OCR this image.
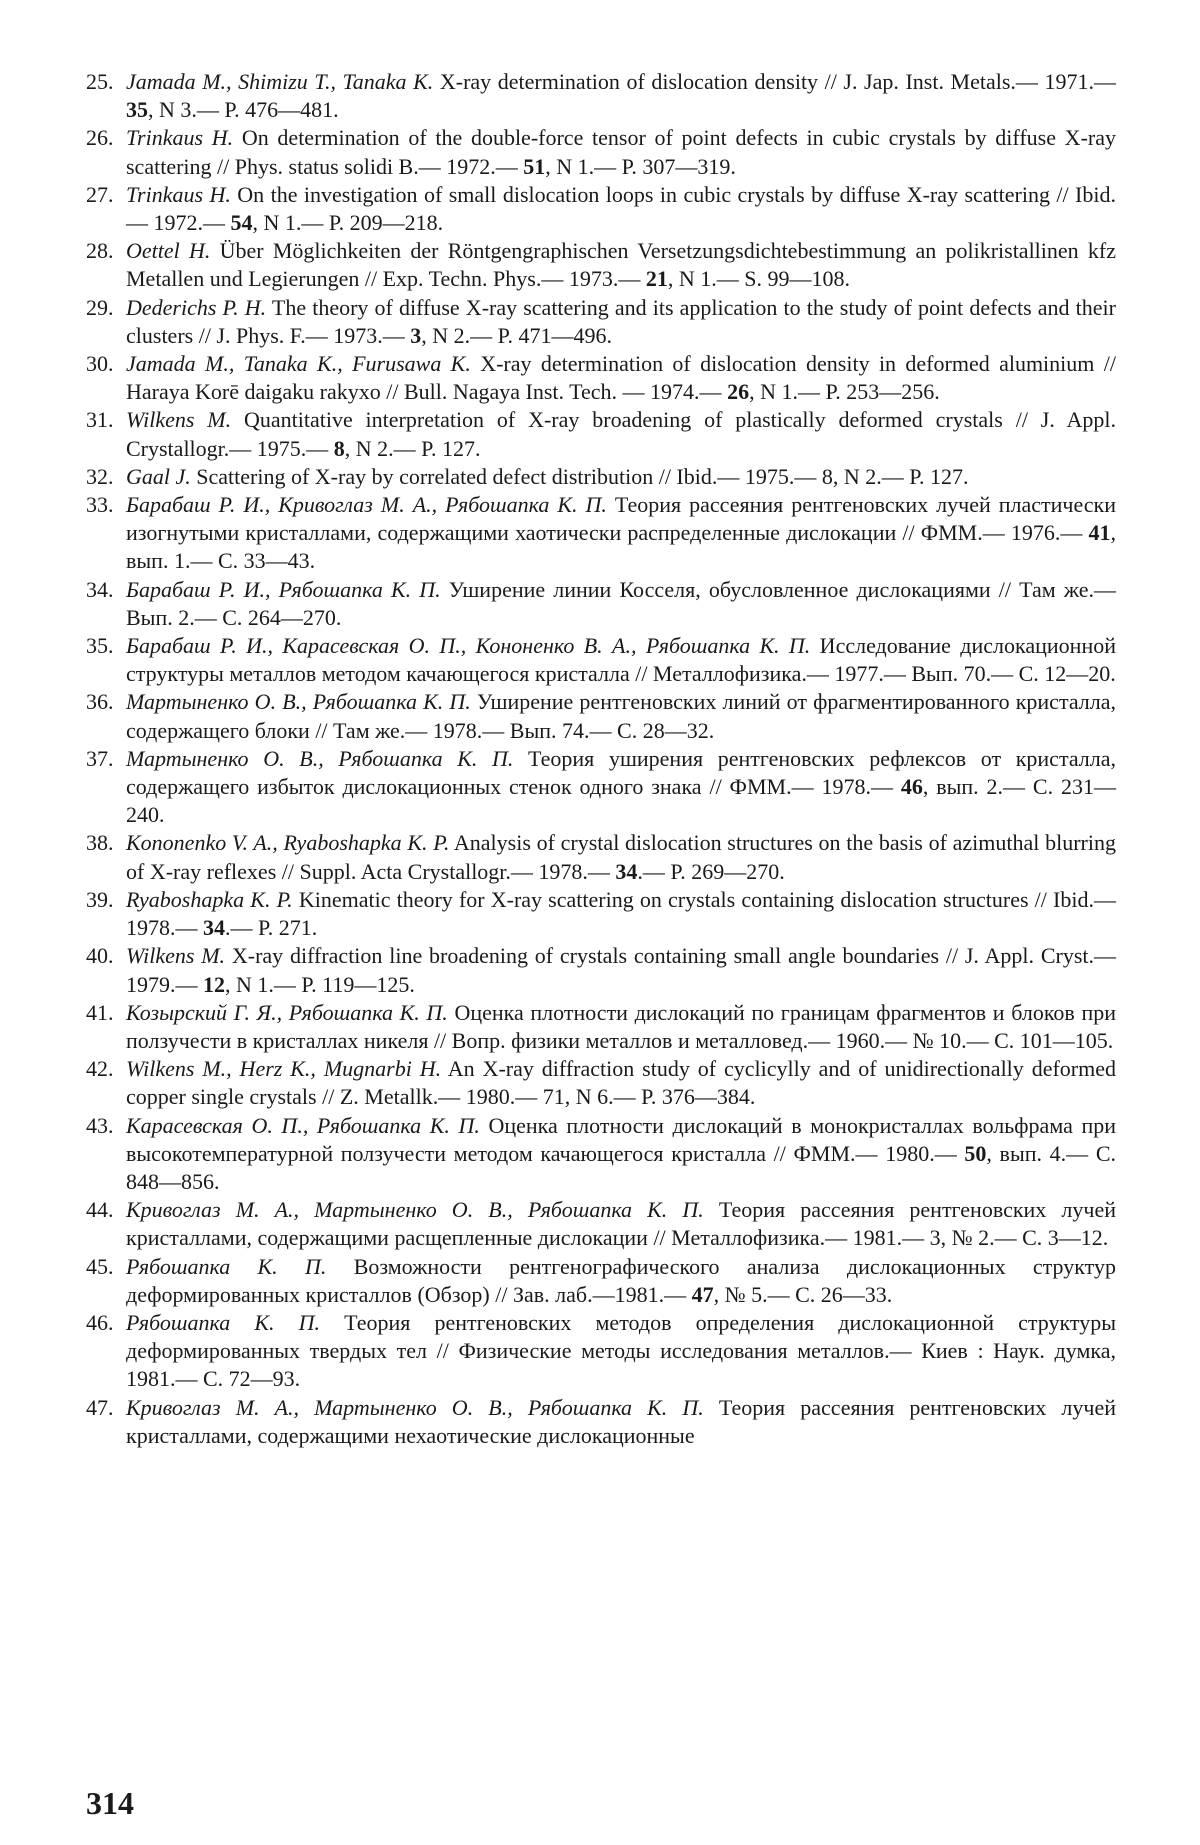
25. Jamada M., Shimizu T., Tanaka K. X-ray determination of dislocation density // J. Jap. Inst. Metals.— 1971.— 35, N 3.— P. 476—481.
26. Trinkaus H. On determination of the double-force tensor of point defects in cubic crystals by diffuse X-ray scattering // Phys. status solidi B.— 1972.— 51, N 1.— P. 307—319.
27. Trinkaus H. On the investigation of small dislocation loops in cubic crystals by diffuse X-ray scattering // Ibid.— 1972.— 54, N 1.— P. 209—218.
28. Oettel H. Über Möglichkeiten der Röntgengraphischen Versetzungsdichtebestimmung an polikristallinen kfz Metallen und Legierungen // Exp. Techn. Phys.— 1973.— 21, N 1.— S. 99—108.
29. Dederichs P. H. The theory of diffuse X-ray scattering and its application to the study of point defects and their clusters // J. Phys. F.— 1973.— 3, N 2.— P. 471—496.
30. Jamada M., Tanaka K., Furusawa K. X-ray determination of dislocation density in deformed aluminium // Haraya Korē daigaku rakyxo // Bull. Nagaya Inst. Tech. — 1974.— 26, N 1.— P. 253—256.
31. Wilkens M. Quantitative interpretation of X-ray broadening of plastically deformed crystals // J. Appl. Crystallogr.— 1975.— 8, N 2.— P. 127.
32. Gaal J. Scattering of X-ray by correlated defect distribution // Ibid.— 1975.— 8, N 2.— P. 127.
33. Барабаш Р. И., Кривоглаз М. А., Рябошапка К. П. Теория рассеяния рентгеновских лучей пластически изогнутыми кристаллами, содержащими хаотически распределенные дислокации // ФММ.— 1976.— 41, вып. 1.— С. 33—43.
34. Барабаш Р. И., Рябошапка К. П. Уширение линии Косселя, обусловленное дислокациями // Там же.— Вып. 2.— С. 264—270.
35. Барабаш Р. И., Карасевская О. П., Кононенко В. А., Рябошапка К. П. Исследование дислокационной структуры металлов методом качающегося кристалла // Металлофизика.— 1977.— Вып. 70.— С. 12—20.
36. Мартыненко О. В., Рябошапка К. П. Уширение рентгеновских линий от фрагментированного кристалла, содержащего блоки // Там же.— 1978.— Вып. 74.— С. 28—32.
37. Мартыненко О. В., Рябошапка К. П. Теория уширения рентгеновских рефлексов от кристалла, содержащего избыток дислокационных стенок одного знака // ФММ.— 1978.— 46, вып. 2.— С. 231—240.
38. Kononenko V. A., Ryaboshapka K. P. Analysis of crystal dislocation structures on the basis of azimuthal blurring of X-ray reflexes // Suppl. Acta Crystallogr.— 1978.— 34.— P. 269—270.
39. Ryaboshapka K. P. Kinematic theory for X-ray scattering on crystals containing dislocation structures // Ibid.— 1978.— 34.— P. 271.
40. Wilkens M. X-ray diffraction line broadening of crystals containing small angle boundaries // J. Appl. Cryst.— 1979.— 12, N 1.— P. 119—125.
41. Козырский Г. Я., Рябошапка К. П. Оценка плотности дислокаций по границам фрагментов и блоков при ползучести в кристаллах никеля // Вопр. физики металлов и металловед.— 1960.— № 10.— С. 101—105.
42. Wilkens M., Herz K., Mugnarbi H. An X-ray diffraction study of cyclicylly and of unidirectionally deformed copper single crystals // Z. Metallk.— 1980.— 71, N 6.— P. 376—384.
43. Карасевская О. П., Рябошапка К. П. Оценка плотности дислокаций в монокристаллах вольфрама при высокотемпературной ползучести методом качающегося кристалла // ФММ.— 1980.— 50, вып. 4.— С. 848—856.
44. Кривоглаз М. А., Мартыненко О. В., Рябошапка К. П. Теория рассеяния рентгеновских лучей кристаллами, содержащими расщепленные дислокации // Металлофизика.— 1981.— 3, № 2.— С. 3—12.
45. Рябошапка К. П. Возможности рентгенографического анализа дислокационных структур деформированных кристаллов (Обзор) // Зав. лаб.—1981.— 47, № 5.— С. 26—33.
46. Рябошапка К. П. Теория рентгеновских методов определения дислокационной структуры деформированных твердых тел // Физические методы исследования металлов.— Киев : Наук. думка, 1981.— С. 72—93.
47. Кривоглаз М. А., Мартыненко О. В., Рябошапка К. П. Теория рассеяния рентгеновских лучей кристаллами, содержащими нехаотические дислокационные
314
